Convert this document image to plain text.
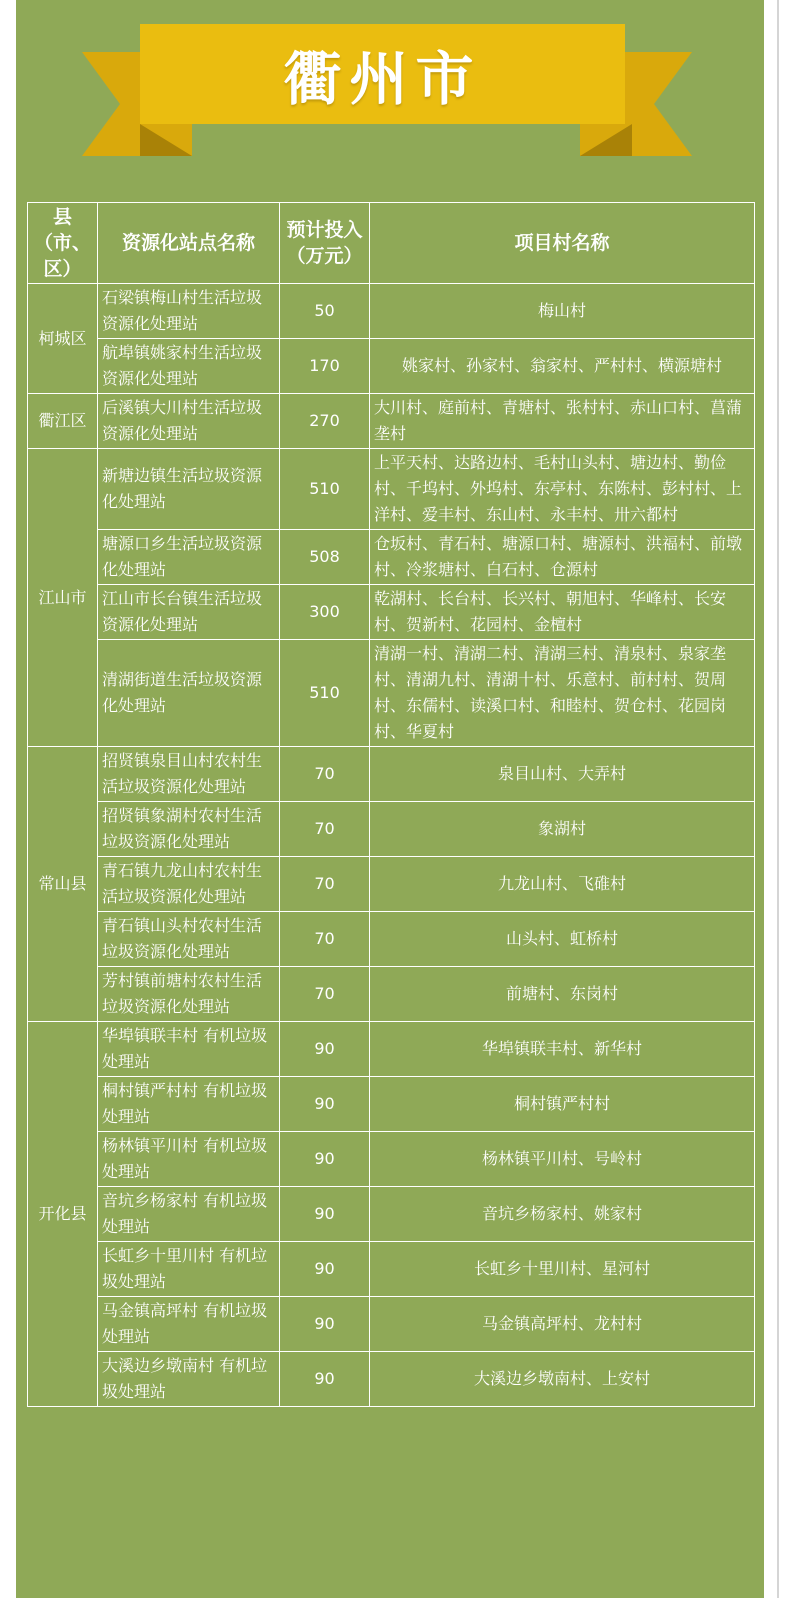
衢州市
县（市、区）	资源化站点名称	预计投入（万元）	项目村名称
柯城区	石梁镇梅山村生活垃圾资源化处理站	50	梅山村
	航埠镇姚家村生活垃圾资源化处理站	170	姚家村、孙家村、翁家村、严村村、横源塘村
衢江区	后溪镇大川村生活垃圾资源化处理站	270	大川村、庭前村、青塘村、张村村、赤山口村、菖蒲垄村
江山市	新塘边镇生活垃圾资源化处理站	510	上平天村、达路边村、毛村山头村、塘边村、勤俭村、千坞村、外坞村、东亭村、东陈村、彭村村、上洋村、爱丰村、东山村、永丰村、卅六都村
	塘源口乡生活垃圾资源化处理站	508	仓坂村、青石村、塘源口村、塘源村、洪福村、前墩村、冷浆塘村、白石村、仓源村
	江山市长台镇生活垃圾资源化处理站	300	乾湖村、长台村、长兴村、朝旭村、华峰村、长安村、贺新村、花园村、金檀村
	清湖街道生活垃圾资源化处理站	510	清湖一村、清湖二村、清湖三村、清泉村、泉家垄村、清湖九村、清湖十村、乐意村、前村村、贺周村、东儒村、读溪口村、和睦村、贺仓村、花园岗村、华夏村
常山县	招贤镇泉目山村农村生活垃圾资源化处理站	70	泉目山村、大弄村
	招贤镇象湖村农村生活垃圾资源化处理站	70	象湖村
	青石镇九龙山村农村生活垃圾资源化处理站	70	九龙山村、飞碓村
	青石镇山头村农村生活垃圾资源化处理站	70	山头村、虹桥村
	芳村镇前塘村农村生活垃圾资源化处理站	70	前塘村、东岗村
开化县	华埠镇联丰村 有机垃圾处理站	90	华埠镇联丰村、新华村
	桐村镇严村村 有机垃圾处理站	90	桐村镇严村村
	杨林镇平川村 有机垃圾处理站	90	杨林镇平川村、号岭村
	音坑乡杨家村 有机垃圾处理站	90	音坑乡杨家村、姚家村
	长虹乡十里川村 有机垃圾处理站	90	长虹乡十里川村、星河村
	马金镇高坪村 有机垃圾处理站	90	马金镇高坪村、龙村村
	大溪边乡墩南村 有机垃圾处理站	90	大溪边乡墩南村、上安村
